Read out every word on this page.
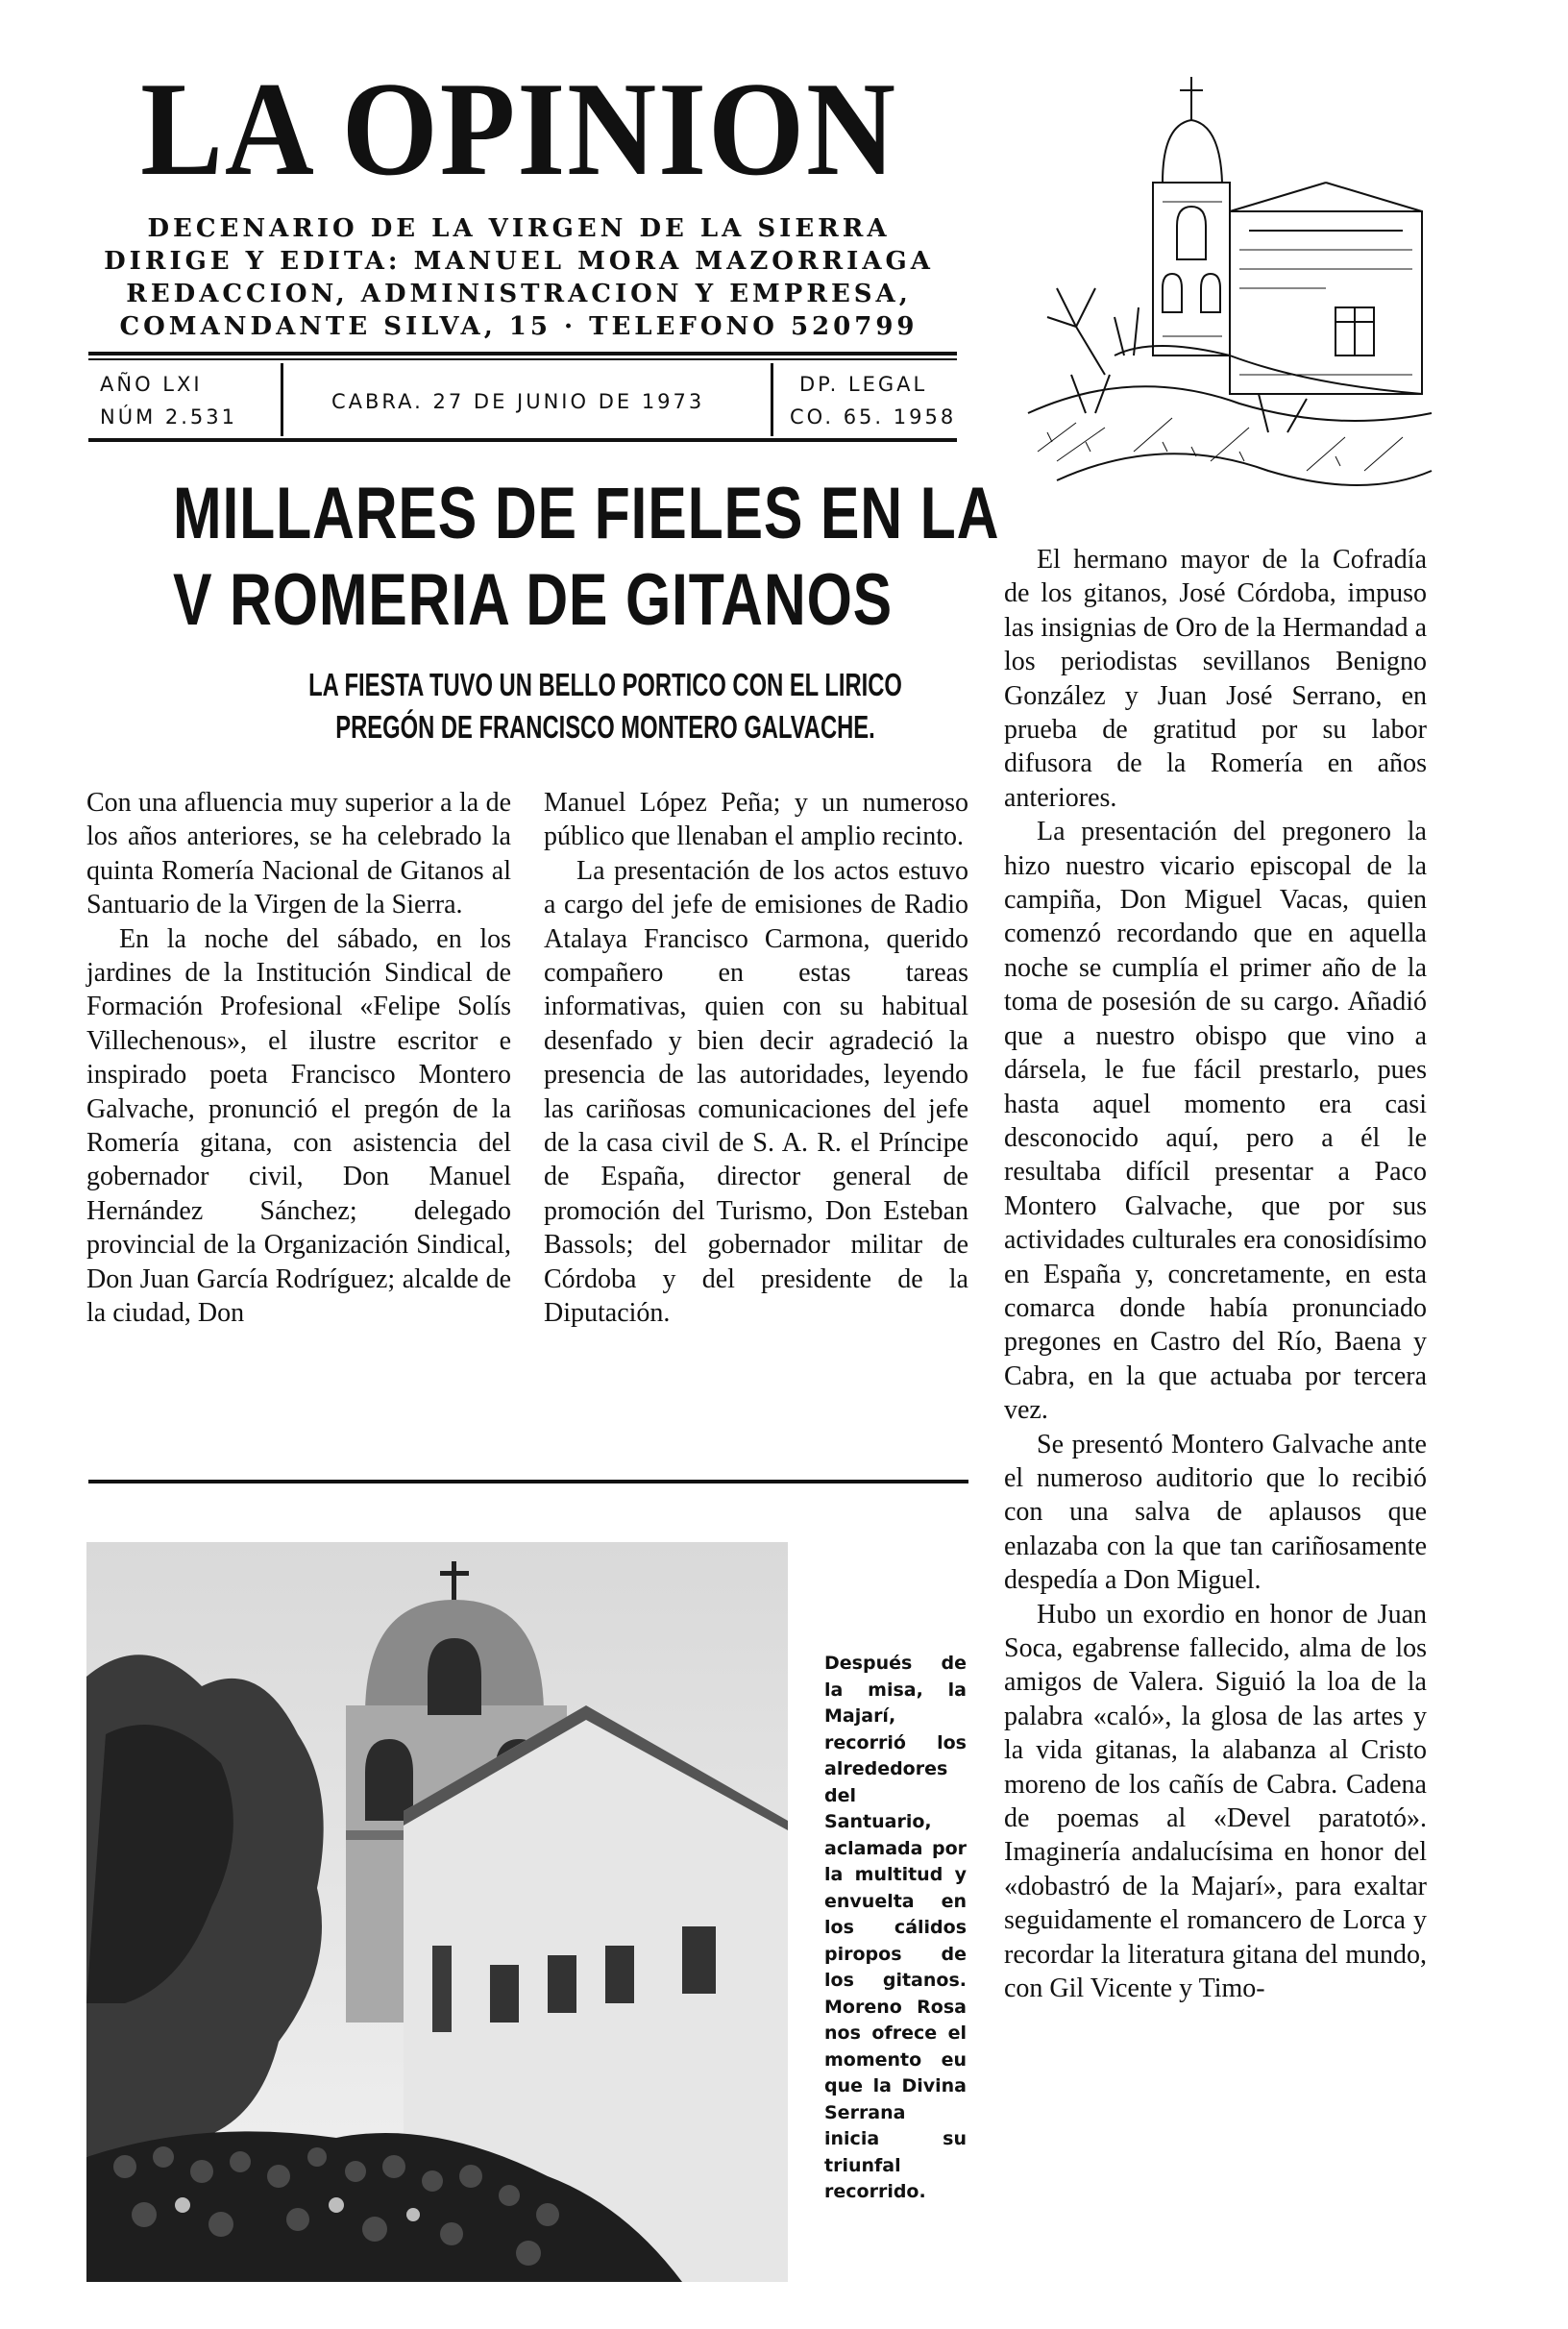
LA OPINION
DECENARIO DE LA VIRGEN DE LA SIERRA
DIRIGE Y EDITA: MANUEL MORA MAZORRIAGA
REDACCION, ADMINISTRACION Y EMPRESA,
COMANDANTE SILVA, 15 · TELEFONO 520799
AÑO LXI
NÚM 2.531
CABRA. 27 DE JUNIO DE 1973
DP. LEGAL
CO. 65. 1958
MILLARES DE FIELES EN LA
V ROMERIA DE GITANOS
LA FIESTA TUVO UN BELLO PORTICO CON EL LIRICO
PREGÓN DE FRANCISCO MONTERO GALVACHE.

Con una afluencia muy superior a la de los años anteriores, se ha celebrado la quinta Romería Nacional de Gitanos al Santuario de la Virgen de la Sierra.

En la noche del sábado, en los jardines de la Institución Sindical de Formación Profesional «Felipe Solís Villechenous», el ilustre escritor e inspirado poeta Francisco Montero Galvache, pronunció el pregón de la Romería gitana, con asistencia del gobernador civil, Don Manuel Hernández Sánchez; delegado provincial de la Organización Sindical, Don Juan García Rodríguez; alcalde de la ciudad, Don

Manuel López Peña; y un numeroso público que llenaban el amplio recinto.

La presentación de los actos estuvo a cargo del jefe de emisiones de Radio Atalaya Francisco Carmona, querido compañero en estas tareas informativas, quien con su habitual desenfado y bien decir agradeció la presencia de las autoridades, leyendo las cariñosas comunicaciones del jefe de la casa civil de S. A. R. el Príncipe de España, director general de promoción del Turismo, Don Esteban Bassols; del gobernador militar de Córdoba y del presidente de la Diputación.

El hermano mayor de la Cofradía de los gitanos, José Córdoba, impuso las insignias de Oro de la Hermandad a los periodistas sevillanos Benigno González y Juan José Serrano, en prueba de gratitud por su labor difusora de la Romería en años anteriores.

La presentación del pregonero la hizo nuestro vicario episcopal de la campiña, Don Miguel Vacas, quien comenzó recordando que en aquella noche se cumplía el primer año de la toma de posesión de su cargo. Añadió que a nuestro obispo que vino a dársela, le fue fácil prestarlo, pues hasta aquel momento era casi desconocido aquí, pero a él le resultaba difícil presentar a Paco Montero Galvache, que por sus actividades culturales era conosidísimo en España y, concretamente, en esta comarca donde había pronunciado pregones en Castro del Río, Baena y Cabra, en la que actuaba por tercera vez.

Se presentó Montero Galvache ante el numeroso auditorio que lo recibió con una salva de aplausos que enlazaba con la que tan cariñosamente despedía a Don Miguel.

Hubo un exordio en honor de Juan Soca, egabrense fallecido, alma de los amigos de Valera. Siguió la loa de la palabra «caló», la glosa de las artes y la vida gitanas, la alabanza al Cristo moreno de los cañís de Cabra. Cadena de poemas al «Devel paratotó». Imaginería andalucísima en honor del «dobastró de la Majarí», para exaltar seguidamente el romancero de Lorca y recordar la literatura gitana del mundo, con Gil Vicente y Timo-

Después de la misa, la Majarí, recorrió los alrededores del Santuario, aclamada por la multitud y envuelta en los cálidos piropos de los gitanos. Moreno Rosa nos ofrece el momento eu que la Divina Serrana inicia su triunfal recorrido.
